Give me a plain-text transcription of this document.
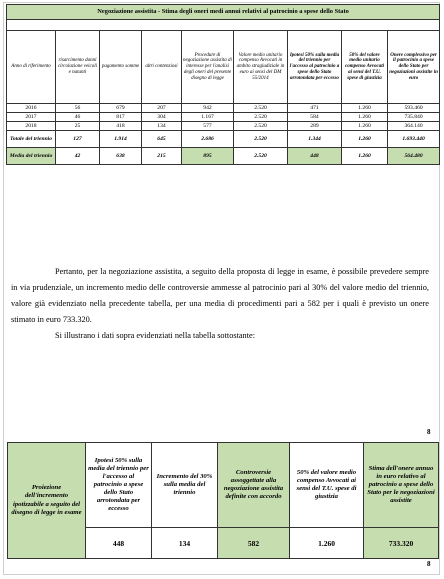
Negoziazione assistita - Stima degli oneri medi annui relativi al patrocinio a spese dello Stato								

Anno di riferimento	risarcimento danni circolazione veicoli e natanti	pagamento somme	altri contenziosi	Procedure di negoziazione assistita di interesse per l'analisi degli oneri del presente disegno di legge	Valore medio unitario compenso Avvocati in ambito stragiudiziale in euro ai sensi del DM 55/2014	Ipotesi 50% sulla media del triennio per l'accesso al patrocinio a spese dello Stato arrotondata per eccesso	50% del valore medio unitario compenso Avvocati ai sensi del T.U. spese di giustizia	Onere complessivo per il patrocinio a spese dello Stato per negoziazioni assistite in euro
2016	56	679	207	942	2.520	471	1.260	593.460
2017	46	817	304	1.167	2.520	584	1.260	735.840
2018	25	418	134	577	2.520	289	1.260	364.140
Totale del triennio	127	1.914	645	2.686	2.520	1.344	1.260	1.693.440
Media del triennio	42	638	215	895	2.520	448	1.260	564.480

Pertanto, per la negoziazione assistita, a seguito della proposta di legge in esame, è possibile prevedere sempre in via prudenziale, un incremento medio delle controversie ammesse al patrocinio pari al 30% del valore medio del triennio, valore già evidenziato nella precedente tabella, per una media di procedimenti pari a 582 per i quali è previsto un onere stimato in euro 733.320.

Si illustrano i dati sopra evidenziati nella tabella sottostante:

Proiezione dell'incremento ipotizzabile a seguito del disegno di legge in esame	Ipotesi 50% sulla media del triennio per l'accesso al patrocinio a spese dello Stato arrotondata per eccesso	Incremento del 30% sulla media del triennio	Controversie assoggettate alla negoziazione assistita definite con accordo	50% del valore medio compenso Avvocati ai sensi del T.U. spese di giustizia	Stima dell'onere annuo in euro relativo al patrocinio a spese dello Stato per le negoziazioni assistite
	448	134	582	1.260	733.320
8
8
